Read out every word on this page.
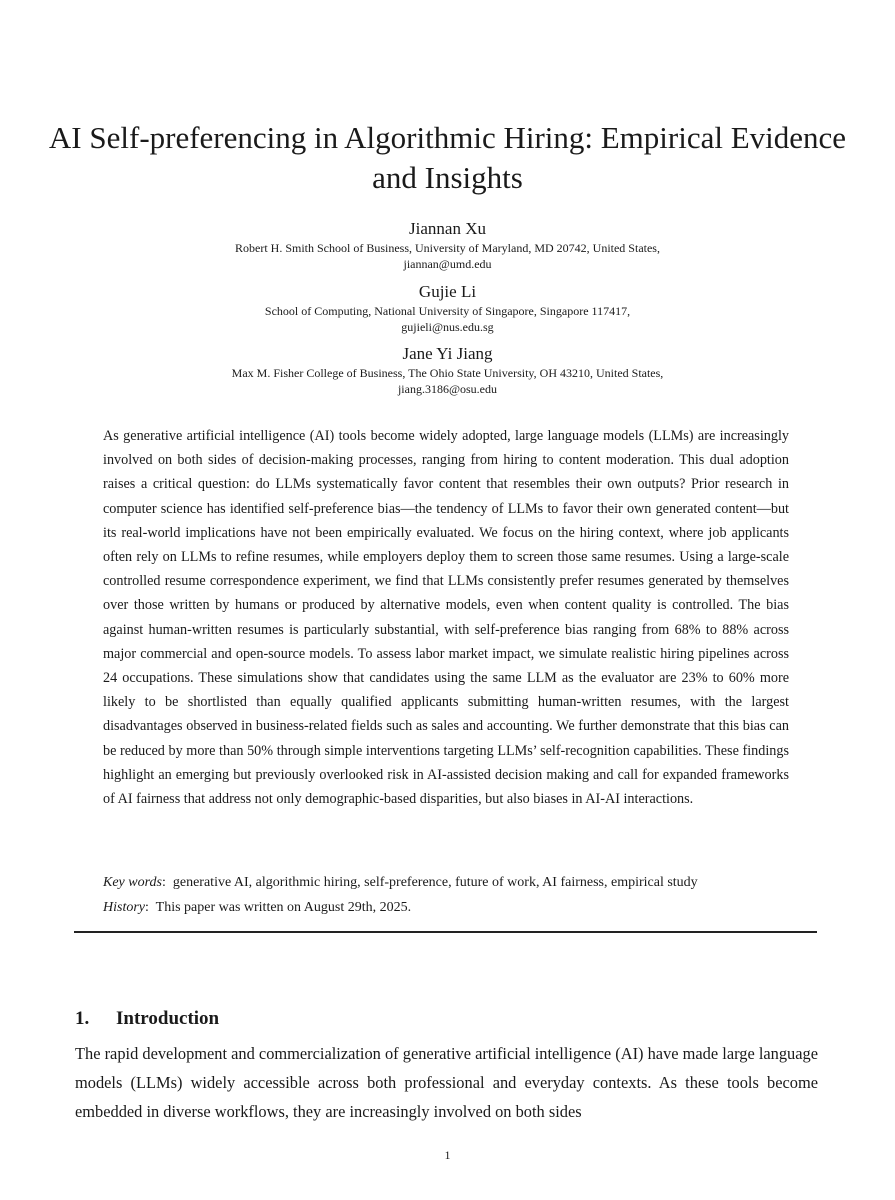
AI Self-preferencing in Algorithmic Hiring: Empirical Evidence and Insights
Jiannan Xu
Robert H. Smith School of Business, University of Maryland, MD 20742, United States,
jiannan@umd.edu
Gujie Li
School of Computing, National University of Singapore, Singapore 117417,
gujieli@nus.edu.sg
Jane Yi Jiang
Max M. Fisher College of Business, The Ohio State University, OH 43210, United States,
jiang.3186@osu.edu

As generative artificial intelligence (AI) tools become widely adopted, large language models (LLMs) are increasingly involved on both sides of decision-making processes, ranging from hiring to content moderation. This dual adoption raises a critical question: do LLMs systematically favor content that resembles their own outputs? Prior research in computer science has identified self-preference bias—the tendency of LLMs to favor their own generated content—but its real-world implications have not been empirically evaluated. We focus on the hiring context, where job applicants often rely on LLMs to refine resumes, while employers deploy them to screen those same resumes. Using a large-scale controlled resume correspondence experiment, we find that LLMs consistently prefer resumes generated by themselves over those written by humans or produced by alternative models, even when content quality is controlled. The bias against human-written resumes is particularly substantial, with self-preference bias ranging from 68% to 88% across major commercial and open-source models. To assess labor market impact, we simulate realistic hiring pipelines across 24 occupations. These simulations show that candidates using the same LLM as the evaluator are 23% to 60% more likely to be shortlisted than equally qualified applicants submitting human-written resumes, with the largest disadvantages observed in business-related fields such as sales and accounting. We further demonstrate that this bias can be reduced by more than 50% through simple interventions targeting LLMs’ self-recognition capabilities. These findings highlight an emerging but previously overlooked risk in AI-assisted decision making and call for expanded frameworks of AI fairness that address not only demographic-based disparities, but also biases in AI-AI interactions.

Key words:  generative AI, algorithmic hiring, self-preference, future of work, AI fairness, empirical study

History:  This paper was written on August 29th, 2025.

1. Introduction

The rapid development and commercialization of generative artificial intelligence (AI) have made large language models (LLMs) widely accessible across both professional and everyday contexts. As these tools become embedded in diverse workflows, they are increasingly involved on both sides

1
